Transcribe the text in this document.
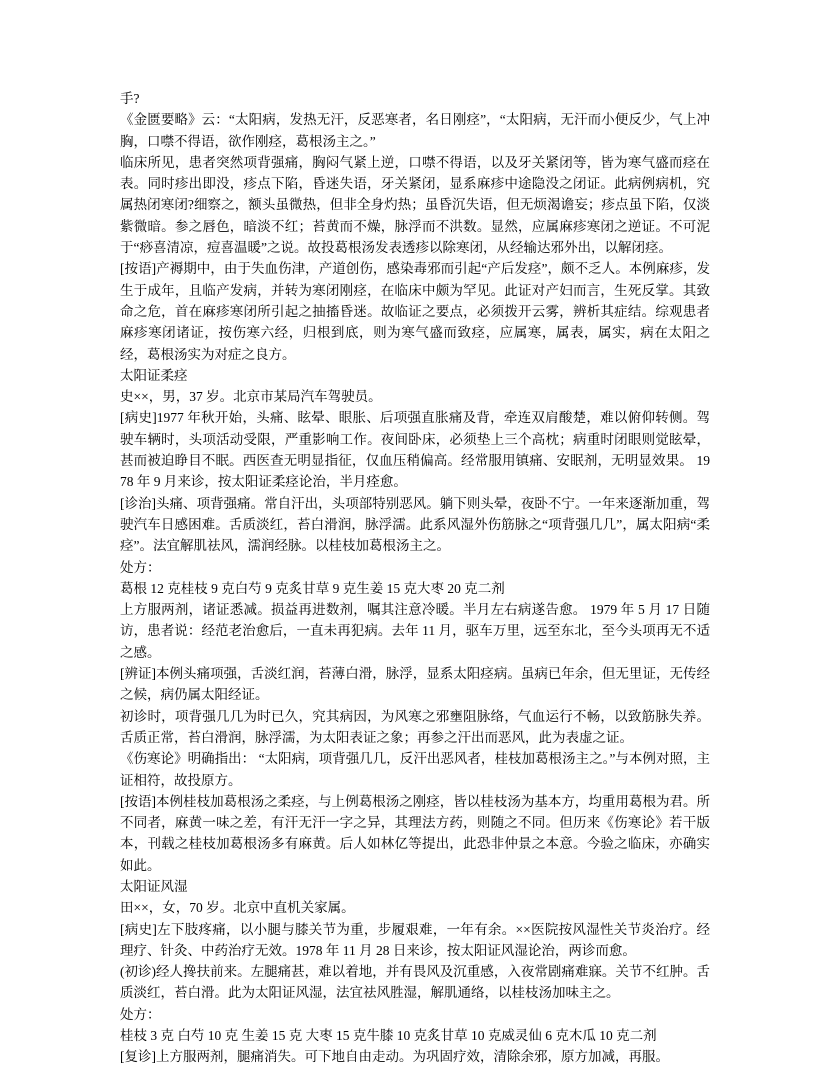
手?

《金匮要略》云：“太阳病，发热无汗，反恶寒者，名日刚痉”，“太阳病，无汗而小便反少，气上冲胸，口噤不得语，欲作刚痉，葛根汤主之。”

临床所见，患者突然项背强痛，胸闷气紧上逆，口噤不得语，以及牙关紧闭等，皆为寒气盛而痉在表。同时疹出即没，疹点下陷，昏迷失语，牙关紧闭，显系麻疹中途隐没之闭证。此病例病机，究属热闭寒闭?细察之，额头虽微热，但非全身灼热；虽昏沉失语，但无烦渴谵妄；疹点虽下陷，仅淡紫微暗。参之唇色，暗淡不红；苔黄而不燥，脉浮而不洪数。显然，应属麻疹寒闭之逆证。不可泥于“痧喜清凉，痘喜温暖”之说。故投葛根汤发表透疹以除寒闭，从经输达邪外出，以解闭痉。

[按语]产褥期中，由于失血伤津，产道创伤，感染毒邪而引起“产后发痉”，颇不乏人。本例麻疹，发生于成年，且临产发病，并转为寒闭刚痉，在临床中颇为罕见。此证对产妇而言，生死反掌。其致命之危，首在麻疹寒闭所引起之抽搐昏迷。故临证之要点，必须拨开云雾，辨析其症结。综观患者麻疹寒闭诸证，按伤寒六经，归根到底，则为寒气盛而致痉，应属寒，属表，属实，病在太阳之经，葛根汤实为对症之良方。

太阳证柔痉

史××，男，37 岁。北京市某局汽车驾驶员。

[病史]1977 年秋开始，头痛、眩晕、眼胀、后项强直胀痛及背，牵连双肩酸楚，难以俯仰转侧。驾驶车辆时，头项活动受限，严重影响工作。夜间卧床，必须垫上三个高枕；病重时闭眼则觉眩晕，甚而被迫睁目不眠。西医查无明显指征，仅血压稍偏高。经常服用镇痛、安眠剂，无明显效果。 1978 年 9 月来诊，按太阳证柔痉论治，半月痊愈。

[诊治]头痛、项背强痛。常自汗出，头项部特别恶风。躺下则头晕，夜卧不宁。一年来逐渐加重，驾驶汽车日感困难。舌质淡红，苔白滑润，脉浮濡。此系风湿外伤筋脉之“项背强几几”，属太阳病“柔痉”。法宜解肌祛风，濡润经脉。以桂枝加葛根汤主之。

处方：

葛根 12 克桂枝 9 克白芍 9 克炙甘草 9 克生姜 15 克大枣 20 克二剂

上方服两剂，诸证悉减。损益再进数剂，嘱其注意冷暖。半月左右病遂告愈。 1979 年 5 月 17 日随访，患者说：经范老治愈后，一直未再犯病。去年 11 月，驱车万里，远至东北，至今头项再无不适之感。

[辨证]本例头痛项强，舌淡红润，苔薄白滑，脉浮，显系太阳痉病。虽病已年余，但无里证，无传经之候，病仍属太阳经证。

初诊时，项背强几几为时已久，究其病因，为风寒之邪壅阻脉络，气血运行不畅，以致筋脉失养。舌质正常，苔白滑润，脉浮濡，为太阳表证之象；再参之汗出而恶风，此为表虚之证。

《伤寒论》明确指出： “太阳病，项背强几几，反汗出恶风者，桂枝加葛根汤主之。”与本例对照，主证相符，故投原方。

[按语]本例桂枝加葛根汤之柔痉，与上例葛根汤之刚痉，皆以桂枝汤为基本方，均重用葛根为君。所不同者，麻黄一味之差，有汗无汗一字之异，其理法方药，则随之不同。但历来《伤寒论》若干版本，刊载之桂枝加葛根汤多有麻黄。后人如林亿等提出，此恐非仲景之本意。今验之临床，亦确实如此。

太阳证风湿

田××，女，70 岁。北京中直机关家属。

[病史]左下肢疼痛，以小腿与膝关节为重，步履艰难，一年有余。××医院按风湿性关节炎治疗。经理疗、针灸、中药治疗无效。1978 年 11 月 28 日来诊，按太阳证风湿论治，两诊而愈。

(初诊)经人搀扶前来。左腿痛甚，难以着地，并有畏风及沉重感，入夜常剧痛难寐。关节不红肿。舌质淡红，苔白滑。此为太阳证风湿，法宜祛风胜湿，解肌通络，以桂枝汤加味主之。

处方：

桂枝 3 克 白芍 10 克 生姜 15 克 大枣 15 克牛膝 10 克炙甘草 10 克威灵仙 6 克木瓜 10 克二剂

[复诊]上方服两剂，腿痛消失。可下地自由走动。为巩固疗效，清除余邪，原方加减，再服。
